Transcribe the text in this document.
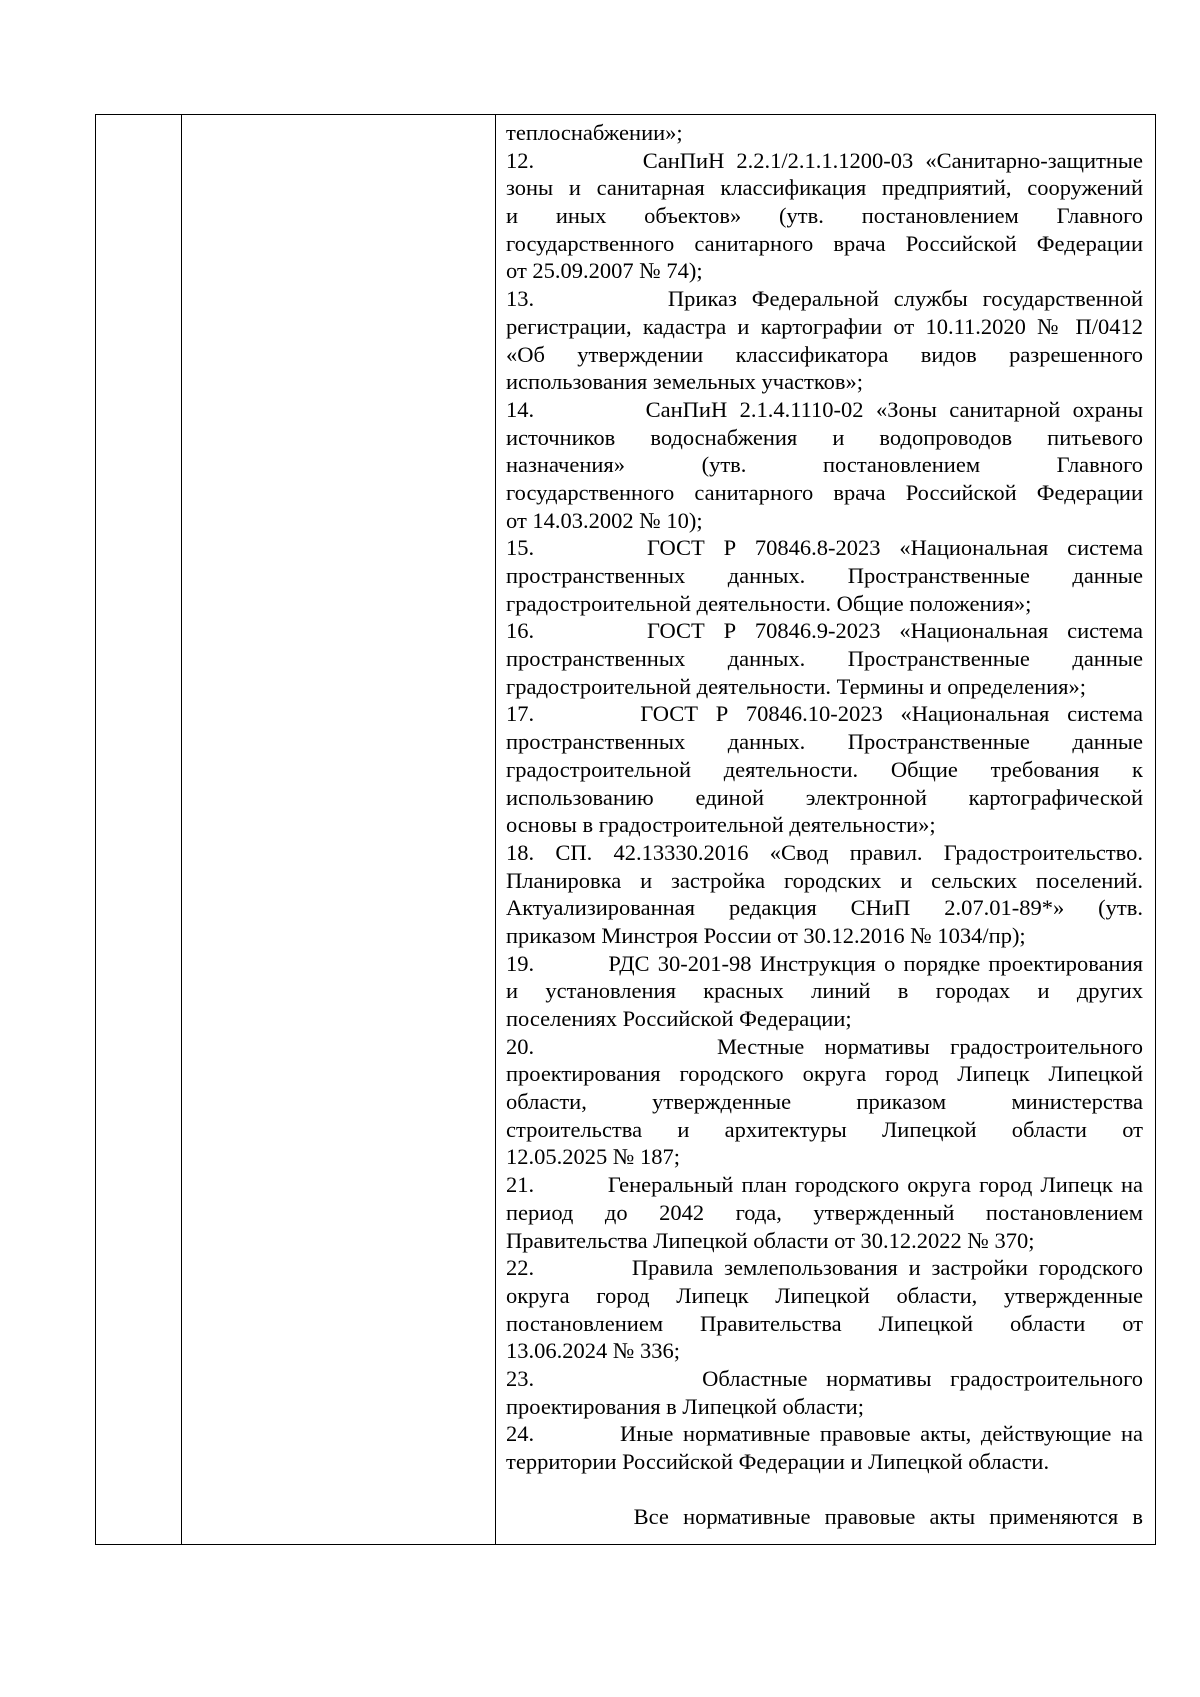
теплоснабжении»;
12.         СанПиН 2.2.1/2.1.1.1200-03 «Санитарно-защитные
зоны и санитарная классификация предприятий, сооружений
и иных объектов» (утв. постановлением Главного
государственного санитарного врача Российской Федерации
от 25.09.2007 № 74);
13.         Приказ Федеральной службы государственной
регистрации, кадастра и картографии от 10.11.2020 № П/0412
«Об утверждении классификатора видов разрешенного
использования земельных участков»;
14.         СанПиН 2.1.4.1110-02 «Зоны санитарной охраны
источников водоснабжения и водопроводов питьевого
назначения» (утв. постановлением Главного
государственного санитарного врача Российской Федерации
от 14.03.2002 № 10);
15.      ГОСТ Р 70846.8-2023 «Национальная система
пространственных данных. Пространственные данные
градостроительной деятельности. Общие положения»;
16.      ГОСТ Р 70846.9-2023 «Национальная система
пространственных данных. Пространственные данные
градостроительной деятельности. Термины и определения»;
17.      ГОСТ Р 70846.10-2023 «Национальная система
пространственных данных. Пространственные данные
градостроительной деятельности. Общие требования к
использованию единой электронной картографической
основы в градостроительной деятельности»;
18. СП. 42.13330.2016 «Свод правил. Градостроительство.
Планировка и застройка городских и сельских поселений.
Актуализированная редакция СНиП 2.07.01-89*» (утв.
приказом Минстроя России от 30.12.2016 № 1034/пр);
19.         РДС 30-201-98 Инструкция о порядке проектирования
и установления красных линий в городах и других
поселениях Российской Федерации;
20.         Местные нормативы градостроительного
проектирования городского округа город Липецк Липецкой
области, утвержденные приказом министерства
строительства и архитектуры Липецкой области от
12.05.2025 № 187;
21.         Генеральный план городского округа город Липецк на
период до 2042 года, утвержденный постановлением
Правительства Липецкой области от 30.12.2022 № 370;
22.         Правила землепользования и застройки городского
округа город Липецк Липецкой области, утвержденные
постановлением Правительства Липецкой области от
13.06.2024 № 336;
23.         Областные нормативы градостроительного
проектирования в Липецкой области;
24.         Иные нормативные правовые акты, действующие на
территории Российской Федерации и Липецкой области.
Все нормативные правовые акты применяются в
